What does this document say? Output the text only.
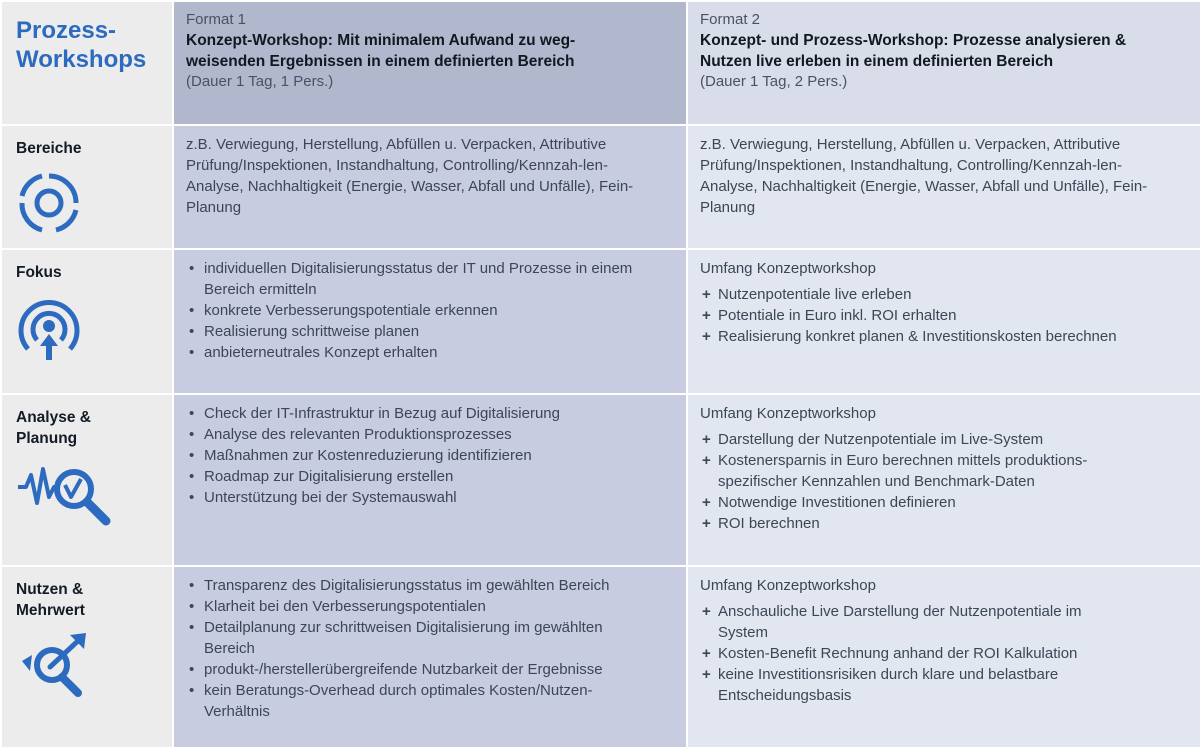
Prozess-
Workshops
Format 1
Konzept-Workshop: Mit minimalem Aufwand zu weg-weisenden Ergebnissen in einem definierten Bereich
(Dauer 1 Tag, 1 Pers.)
Format 2
Konzept- und Prozess-Workshop: Prozesse analysieren & Nutzen live erleben in einem definierten Bereich
(Dauer 1 Tag, 2 Pers.)
Bereiche	z.B. Verwiegung, Herstellung, Abfüllen u. Verpacken, Attributive Prüfung/Inspektionen, Instandhaltung, Controlling/Kennzah-len-Analyse, Nachhaltigkeit (Energie, Wasser, Abfall und Unfälle), Fein-Planung
z.B. Verwiegung, Herstellung, Abfüllen u. Verpacken, Attributive Prüfung/Inspektionen, Instandhaltung, Controlling/Kennzah-len-Analyse, Nachhaltigkeit (Energie, Wasser, Abfall und Unfälle), Fein-Planung
Fokus
•	individuellen Digitalisierungsstatus der IT und Prozesse in einem Bereich ermitteln
• konkrete Verbesserungspotentiale erkennen
• Realisierung schrittweise planen
• anbieterneutrales Konzept erhalten
Umfang Konzeptworkshop
+ Nutzenpotentiale live erleben
+ Potentiale in Euro inkl. ROI erhalten
+ Realisierung konkret planen & Investitionskosten berechnen
Analyse &
Planung
• Check der IT-Infrastruktur in Bezug auf Digitalisierung
• Analyse des relevanten Produktionsprozesses
• Maßnahmen zur Kostenreduzierung identifizieren
• Roadmap zur Digitalisierung erstellen
• Unterstützung bei der Systemauswahl
Umfang Konzeptworkshop
+ Darstellung der Nutzenpotentiale im Live-System
+ Kostenersparnis in Euro berechnen mittels produktions-spezifischer Kennzahlen und Benchmark-Daten
+ Notwendige Investitionen definieren
+ ROI berechnen
Nutzen &
Mehrwert
• Transparenz des Digitalisierungsstatus im gewählten Bereich
• Klarheit bei den Verbesserungspotentialen
• Detailplanung zur schrittweisen Digitalisierung im gewählten Bereich
• produkt-/herstellerübergreifende Nutzbarkeit der Ergebnisse
• kein Beratungs-Overhead durch optimales Kosten/Nutzen-Verhältnis
Umfang Konzeptworkshop
+ Anschauliche Live Darstellung der Nutzenpotentiale im System
+ Kosten-Benefit Rechnung anhand der ROI Kalkulation
+ keine Investitionsrisiken durch klare und belastbare Entscheidungsbasis
